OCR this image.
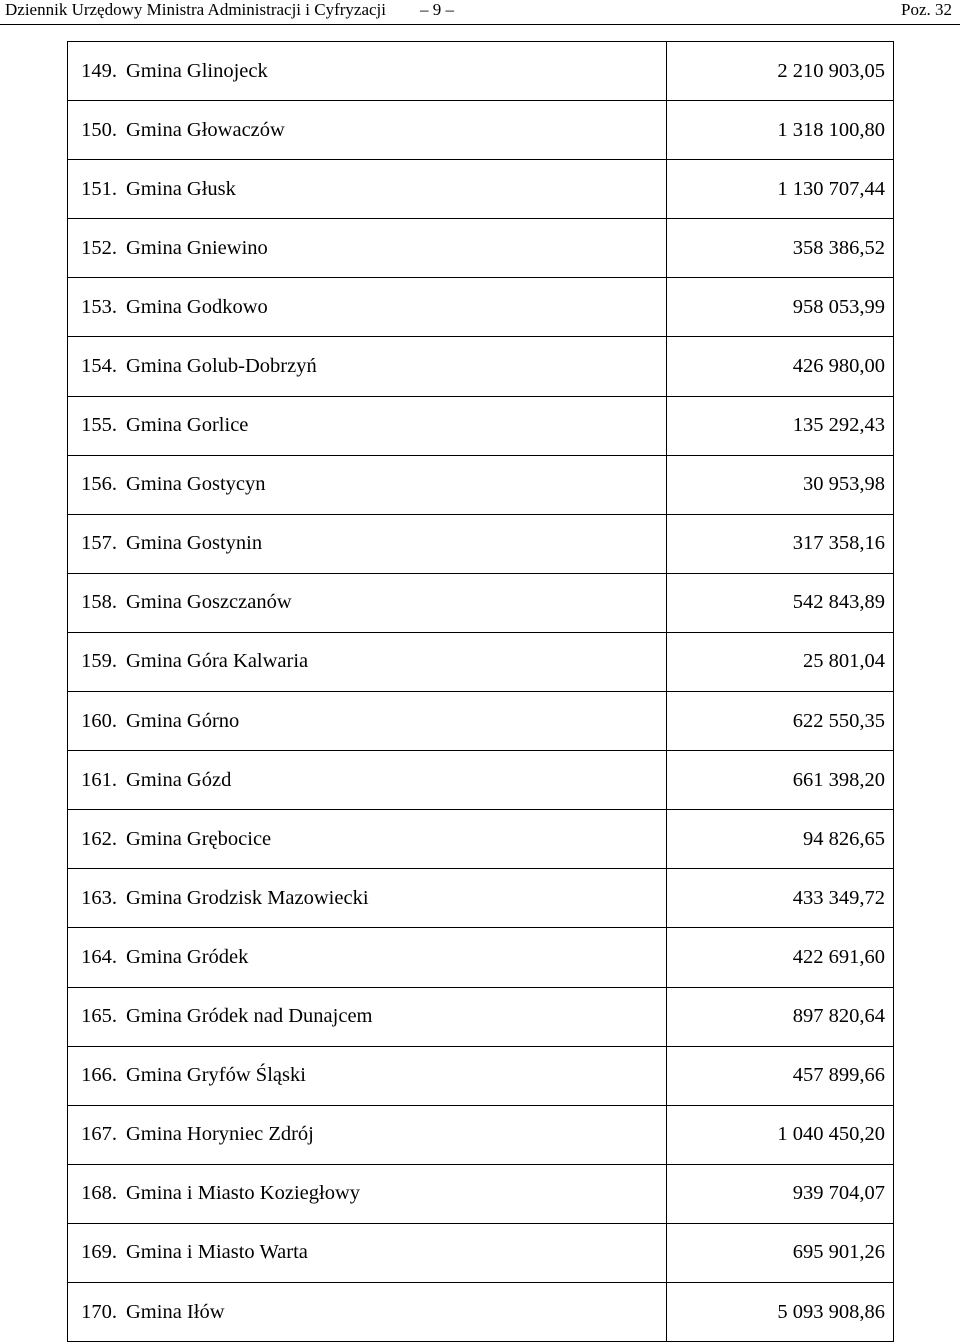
Dziennik Urzędowy Ministra Administracji i Cyfryzacji – 9 –	Poz. 32
149.	Gmina Glinojeck	2 210 903,05
150.	Gmina Głowaczów	1 318 100,80
151.	Gmina Głusk	1 130 707,44
152.	Gmina Gniewino	358 386,52
153.	Gmina Godkowo	958 053,99
154.	Gmina Golub-Dobrzyń	426 980,00
155.	Gmina Gorlice	135 292,43
156.	Gmina Gostycyn	30 953,98
157.	Gmina Gostynin	317 358,16
158.	Gmina Goszczanów	542 843,89
159.	Gmina Góra Kalwaria	25 801,04
160.	Gmina Górno	622 550,35
161.	Gmina Gózd	661 398,20
162.	Gmina Grębocice	94 826,65
163.	Gmina Grodzisk Mazowiecki	433 349,72
164.	Gmina Gródek	422 691,60
165.	Gmina Gródek nad Dunajcem	897 820,64
166.	Gmina Gryfów Śląski	457 899,66
167.	Gmina Horyniec Zdrój	1 040 450,20
168.	Gmina i Miasto Koziegłowy	939 704,07
169.	Gmina i Miasto Warta	695 901,26
170.	Gmina Iłów	5 093 908,86
